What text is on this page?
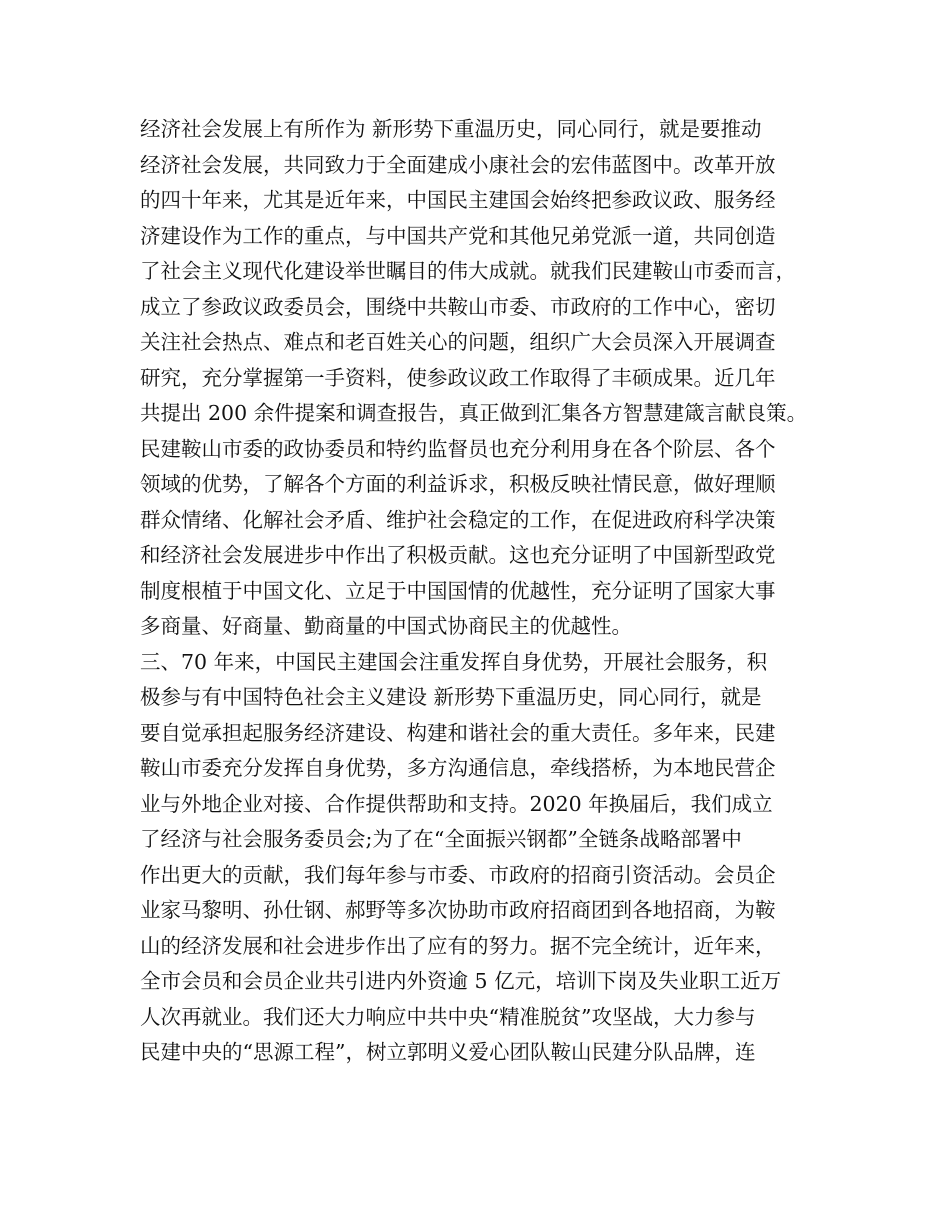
经济社会发展上有所作为 新形势下重温历史，同心同行，就是要推动
经济社会发展，共同致力于全面建成小康社会的宏伟蓝图中。改革开放
的四十年来，尤其是近年来，中国民主建国会始终把参政议政、服务经
济建设作为工作的重点，与中国共产党和其他兄弟党派一道，共同创造
了社会主义现代化建设举世瞩目的伟大成就。就我们民建鞍山市委而言，
成立了参政议政委员会，围绕中共鞍山市委、市政府的工作中心，密切
关注社会热点、难点和老百姓关心的问题，组织广大会员深入开展调查
研究，充分掌握第一手资料，使参政议政工作取得了丰硕成果。近几年
共提出 200 余件提案和调查报告，真正做到汇集各方智慧建箴言献良策。
民建鞍山市委的政协委员和特约监督员也充分利用身在各个阶层、各个
领域的优势，了解各个方面的利益诉求，积极反映社情民意，做好理顺
群众情绪、化解社会矛盾、维护社会稳定的工作，在促进政府科学决策
和经济社会发展进步中作出了积极贡献。这也充分证明了中国新型政党
制度根植于中国文化、立足于中国国情的优越性，充分证明了国家大事
多商量、好商量、勤商量的中国式协商民主的优越性。
三、70 年来，中国民主建国会注重发挥自身优势，开展社会服务，积
极参与有中国特色社会主义建设 新形势下重温历史，同心同行，就是
要自觉承担起服务经济建设、构建和谐社会的重大责任。多年来，民建
鞍山市委充分发挥自身优势，多方沟通信息，牵线搭桥，为本地民营企
业与外地企业对接、合作提供帮助和支持。2020 年换届后，我们成立
了经济与社会服务委员会;为了在“全面振兴钢都”全链条战略部署中
作出更大的贡献，我们每年参与市委、市政府的招商引资活动。会员企
业家马黎明、孙仕钢、郝野等多次协助市政府招商团到各地招商，为鞍
山的经济发展和社会进步作出了应有的努力。据不完全统计，近年来，
全市会员和会员企业共引进内外资逾 5 亿元，培训下岗及失业职工近万
人次再就业。我们还大力响应中共中央“精准脱贫”攻坚战，大力参与
民建中央的“思源工程”，树立郭明义爱心团队鞍山民建分队品牌，连
